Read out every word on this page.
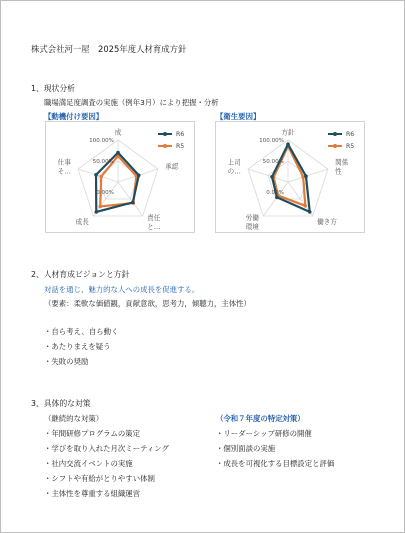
株式会社河一屋　2025年度人材育成方針
1、現状分析
職場満足度調査の実施（例年3月）により把握・分析
【動機付け要因】	【衛生要因】
100.00%
50.00%
0.00%
成
承認
責任
と…
成長
仕事
そ…
R6
R5
100.00%
50.00%
0.00%
方針
関係
性
働き方
労働
環境
上司
の…
R6
R5
2、人材育成ビジョンと方針
対話を通じ、魅力的な人への成長を促進する。
（要素：柔軟な価値観，貢献意欲，思考力，傾聴力，主体性）
・自ら考え、自ら動く
・あたりまえを疑う
・失敗の奨励
3、具体的な対策
（継続的な対策）	（令和７年度の特定対策）
・年間研修プログラムの策定
・学びを取り入れた月次ミーティング
・社内交流イベントの実施
・シフトや有給がとりやすい体制
・主体性を尊重する組織運営
・リーダーシップ研修の開催
・個別面談の実施
・成長を可視化する目標設定と評価
